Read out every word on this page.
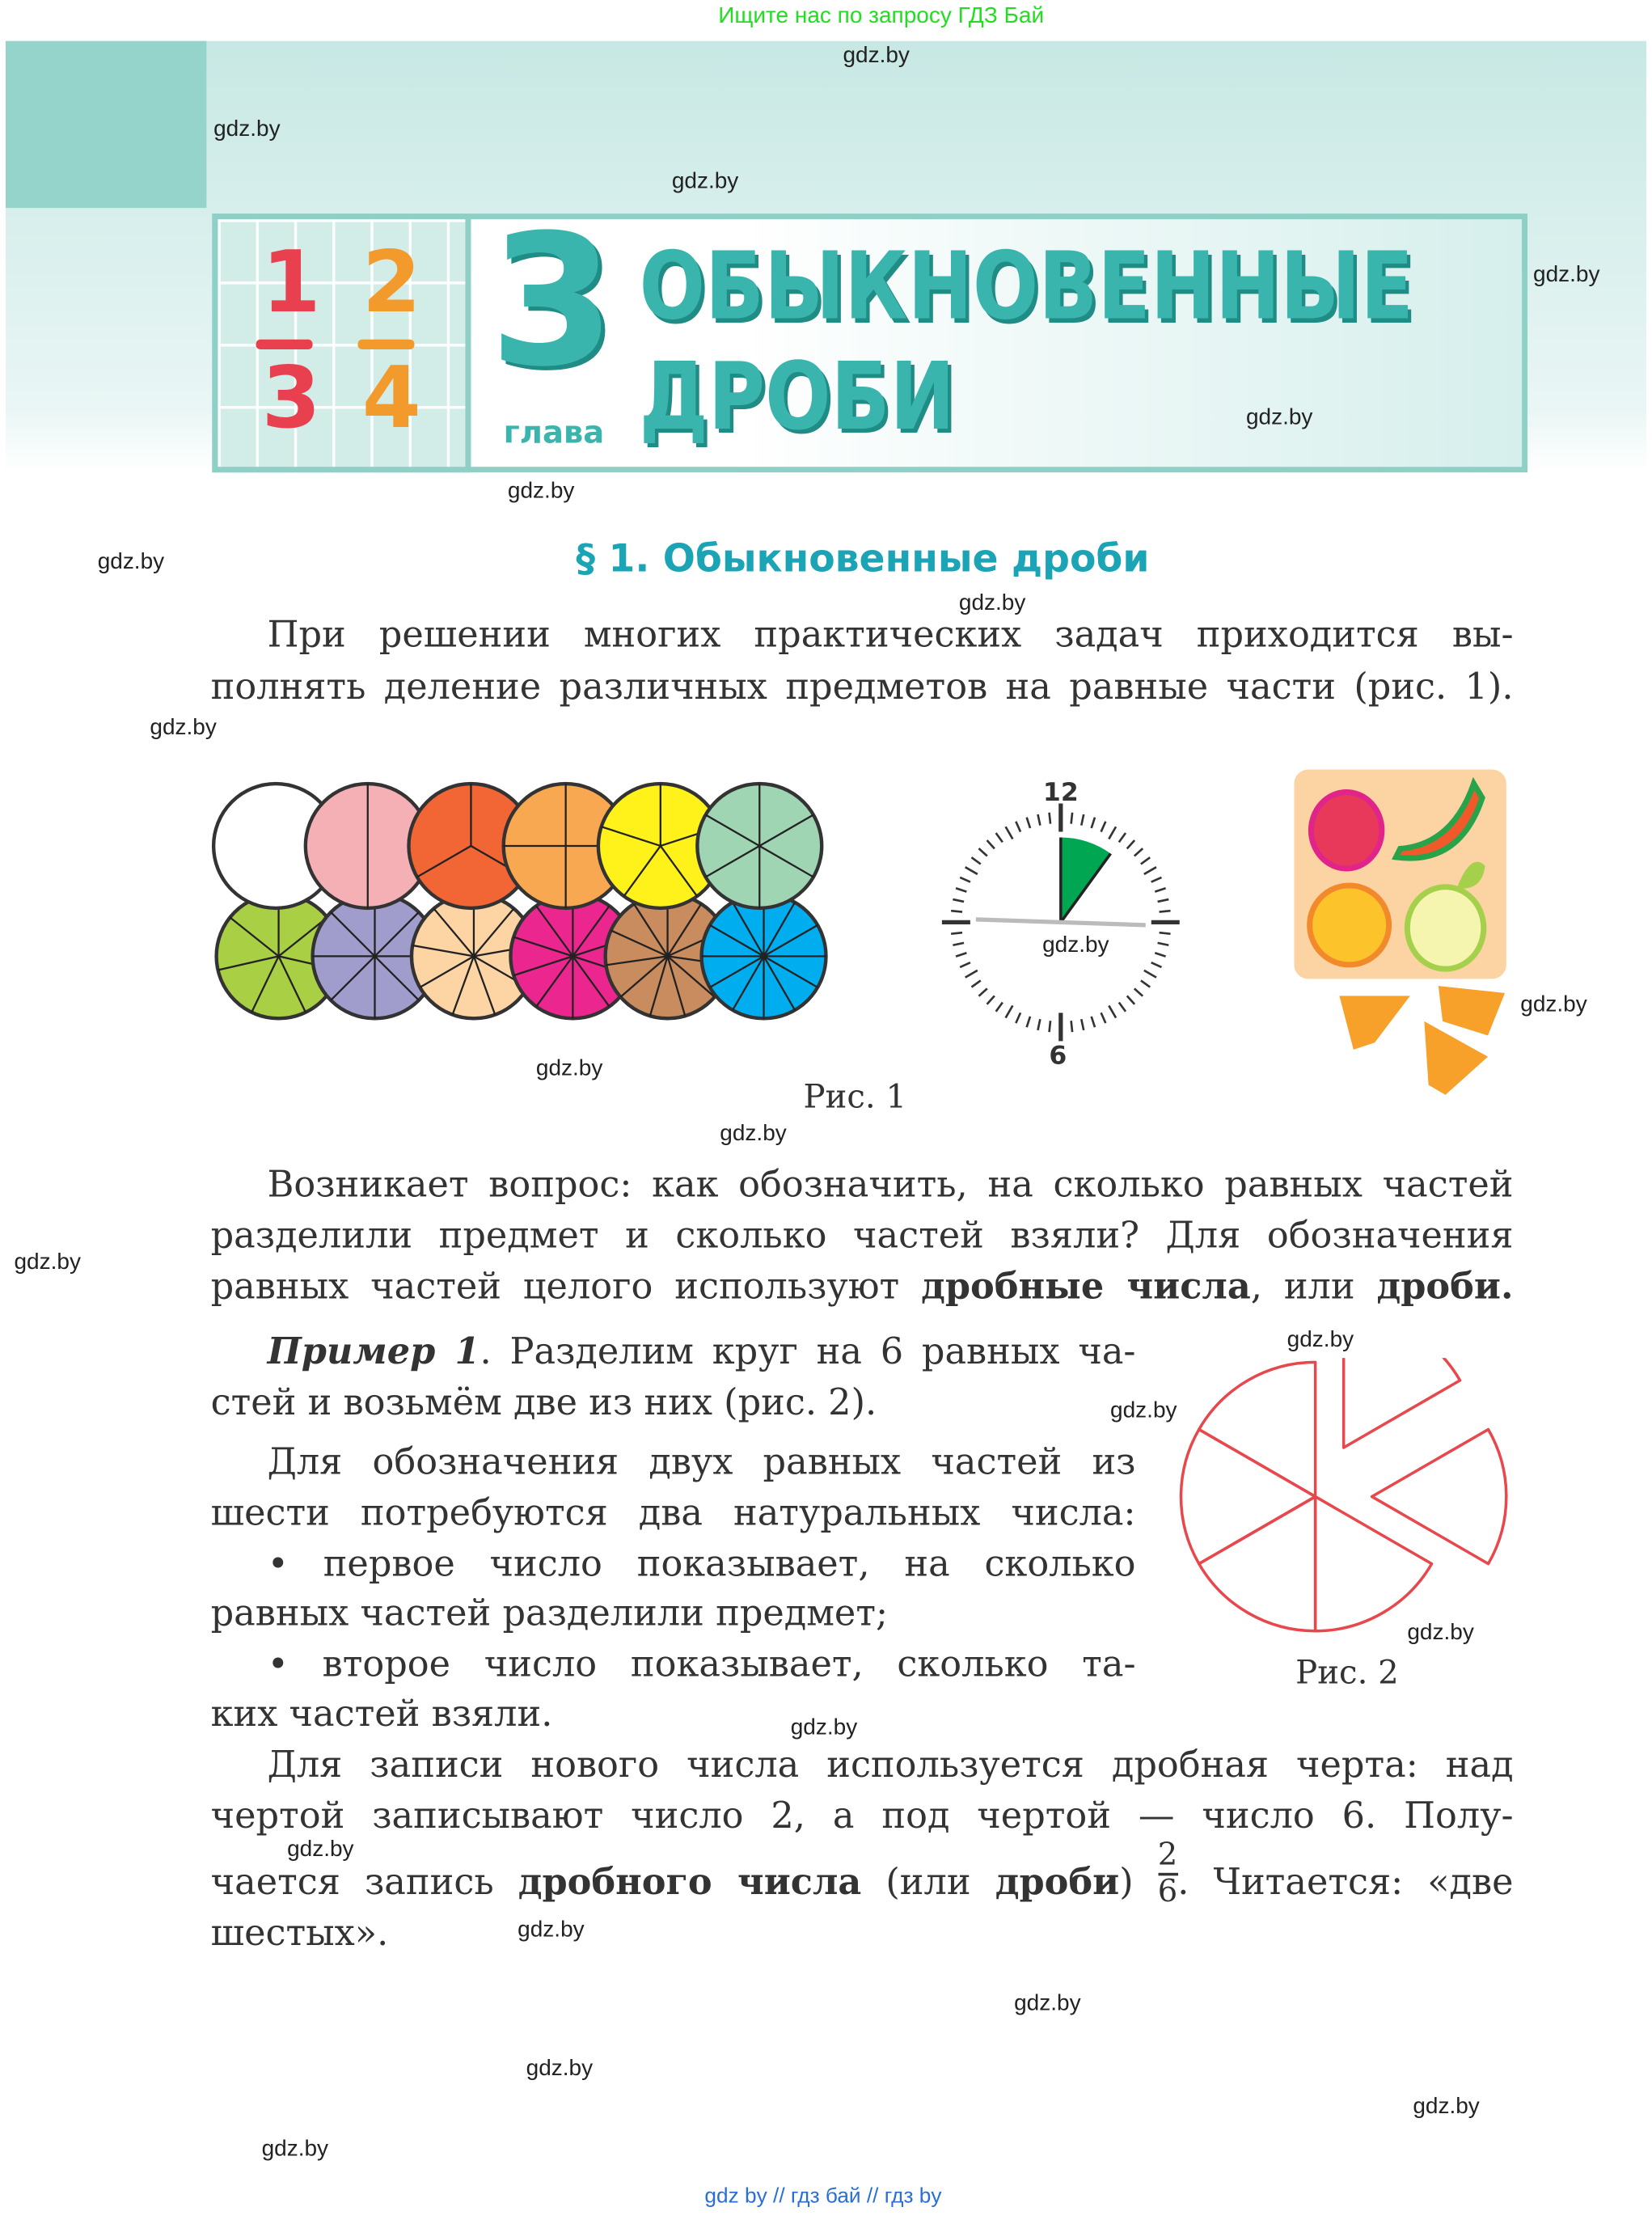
Ищите нас по запросу ГДЗ Бай
1
3
2
4 3
глава
ОБЫКНОВЕННЫЕ
ДРОБИ
§ 1. Обыкновенные дроби
При решении многих практических задач приходится вы-
полнять деление различных предметов на равные части (рис. 1).
12
6
Рис. 1
Возникает вопрос: как обозначить, на сколько равных частей
разделили предмет и сколько частей взяли? Для обозначения
равных частей целого используют дробные числа, или дроби.
Пример 1. Разделим круг на 6 равных ча-
стей и возьмём две из них (рис. 2).
Для обозначения двух равных частей из
шести потребуются два натуральных числа:
• первое число показывает, на сколько
равных частей разделили предмет;
• второе число показывает, сколько та-
ких частей взяли.
Рис. 2
Для записи нового числа используется дробная черта: над
чертой записывают число 2, а под чертой — число 6. Полу-
чается запись дробного числа (или дроби) $\frac{2}{6}$ . Читается: «две
шестых».
gdz.by
gdz.by
gdz.by
gdz.by
gdz.by
gdz.by
gdz.by
gdz.by
gdz.by
gdz.by
gdz.by
gdz.by
gdz.by
gdz.by
gdz.by
gdz.by
gdz.by
gdz.by
gdz.by
gdz.by
gdz.by
gdz.by
gdz.by
gdz.by
gdz by // гдз бай // гдз by
